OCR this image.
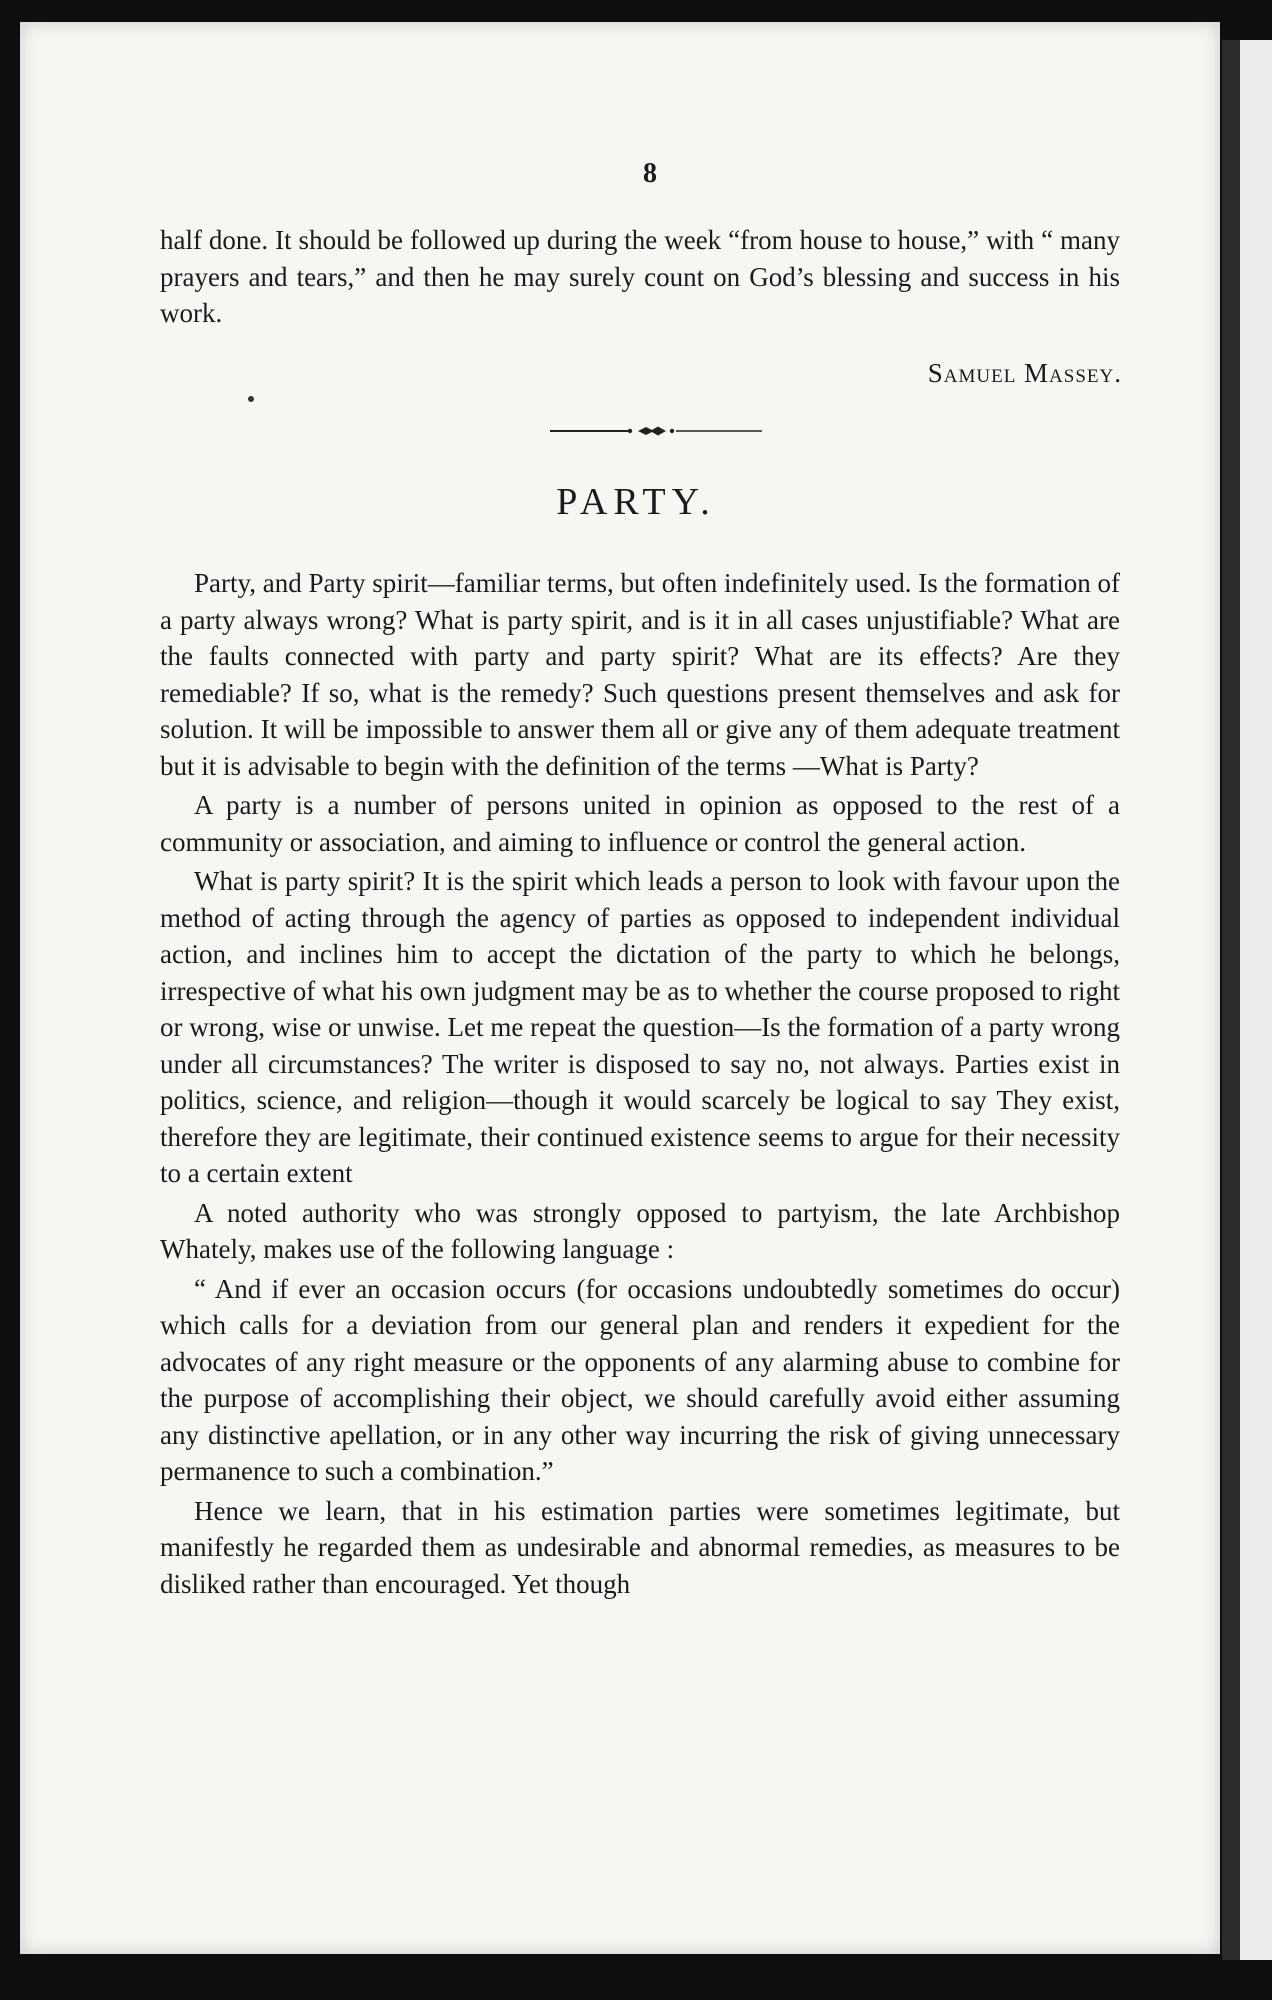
8
half done. It should be followed up during the week “from house to house,” with “ many prayers and tears,” and then he may surely count on God’s blessing and success in his work.
Samuel Massey.
PARTY.

Party, and Party spirit—familiar terms, but often indefinitely used. Is the formation of a party always wrong? What is party spirit, and is it in all cases unjustifiable? What are the faults connected with party and party spirit? What are its effects? Are they remediable? If so, what is the remedy? Such questions present themselves and ask for solution. It will be impossible to answer them all or give any of them adequate treatment but it is advisable to begin with the definition of the terms —What is Party?

A party is a number of persons united in opinion as opposed to the rest of a community or association, and aiming to influence or control the general action.

What is party spirit? It is the spirit which leads a person to look with favour upon the method of acting through the agency of parties as opposed to independent individual action, and inclines him to accept the dictation of the party to which he belongs, irrespective of what his own judgment may be as to whether the course proposed to right or wrong, wise or unwise. Let me repeat the question—Is the formation of a party wrong under all circumstances? The writer is disposed to say no, not always. Parties exist in politics, science, and religion—though it would scarcely be logical to say They exist, therefore they are legitimate, their continued existence seems to argue for their necessity to a certain extent

A noted authority who was strongly opposed to partyism, the late Archbishop Whately, makes use of the following language :

“ And if ever an occasion occurs (for occasions undoubtedly sometimes do occur) which calls for a deviation from our general plan and renders it expedient for the advocates of any right measure or the opponents of any alarming abuse to combine for the purpose of accomplishing their object, we should carefully avoid either assuming any distinctive apellation, or in any other way incurring the risk of giving unnecessary permanence to such a combination.”

Hence we learn, that in his estimation parties were sometimes legitimate, but manifestly he regarded them as undesirable and abnormal remedies, as measures to be disliked rather than encouraged. Yet though
